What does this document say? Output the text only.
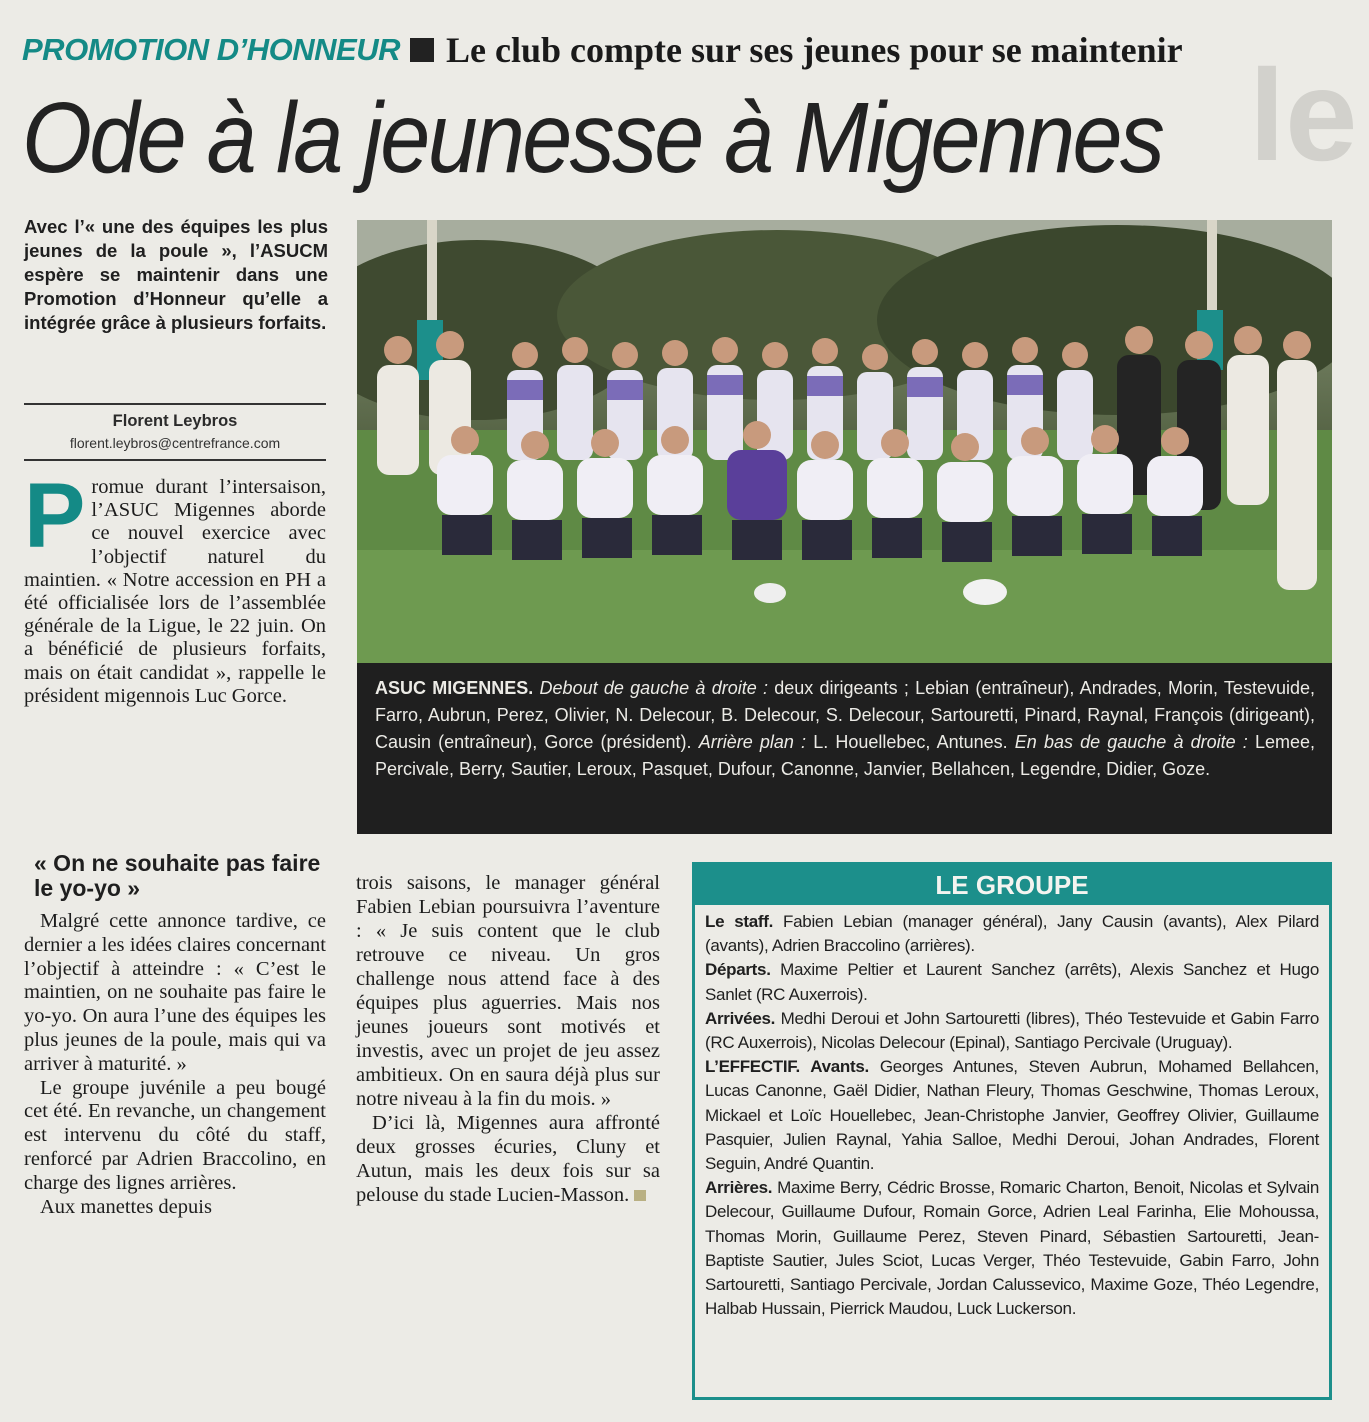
PROMOTION D’HONNEUR Le club compte sur ses jeunes pour se maintenir le
Ode à la jeunesse à Migennes
Avec l’« une des équipes les plus jeunes de la poule », l’ASUCM espère se maintenir dans une Promotion d’Honneur qu’elle a intégrée grâce à plusieurs forfaits.
Florent Leybros
florent.leybros@centrefrance.com

Promue durant l’intersaison, l’ASUC Migennes aborde ce nouvel exercice avec l’objectif naturel du maintien. « Notre accession en PH a été officialisée lors de l’assemblée générale de la Ligue, le 22 juin. On a bénéficié de plusieurs forfaits, mais on était candidat », rappelle le président migennois Luc Gorce.

« On ne souhaite pas faire le yo-yo »

Malgré cette annonce tardive, ce dernier a les idées claires concernant l’objectif à atteindre : « C’est le maintien, on ne souhaite pas faire le yo-yo. On aura l’une des équipes les plus jeunes de la poule, mais qui va arriver à maturité. »

Le groupe juvénile a peu bougé cet été. En revanche, un changement est intervenu du côté du staff, renforcé par Adrien Braccolino, en charge des lignes arrières.

Aux manettes depuis

trois saisons, le manager général Fabien Lebian poursuivra l’aventure : « Je suis content que le club retrouve ce niveau. Un gros challenge nous attend face à des équipes plus aguerries. Mais nos jeunes joueurs sont motivés et investis, avec un projet de jeu assez ambitieux. On en saura déjà plus sur notre niveau à la fin du mois. »

D’ici là, Migennes aura affronté deux grosses écuries, Cluny et Autun, mais les deux fois sur sa pelouse du stade Lucien-Masson.

ASUC MIGENNES. Debout de gauche à droite : deux dirigeants ; Lebian (entraîneur), Andrades, Morin, Testevuide, Farro, Aubrun, Perez, Olivier, N. Delecour, B. Delecour, S. Delecour, Sartouretti, Pinard, Raynal, François (dirigeant), Causin (entraîneur), Gorce (président). Arrière plan : L. Houellebec, Antunes. En bas de gauche à droite : Lemee, Percivale, Berry, Sautier, Leroux, Pasquet, Dufour, Canonne, Janvier, Bellahcen, Legendre, Didier, Goze.
LE GROUPE

Le staff. Fabien Lebian (manager général), Jany Causin (avants), Alex Pilard (avants), Adrien Braccolino (arrières).

Départs. Maxime Peltier et Laurent Sanchez (arrêts), Alexis Sanchez et Hugo Sanlet (RC Auxerrois).

Arrivées. Medhi Deroui et John Sartouretti (libres), Théo Testevuide et Gabin Farro (RC Auxerrois), Nicolas Delecour (Epinal), Santiago Percivale (Uruguay).

L’EFFECTIF. Avants. Georges Antunes, Steven Aubrun, Mohamed Bellahcen, Lucas Canonne, Gaël Didier, Nathan Fleury, Thomas Geschwine, Thomas Leroux, Mickael et Loïc Houellebec, Jean-Christophe Janvier, Geoffrey Olivier, Guillaume Pasquier, Julien Raynal, Yahia Salloe, Medhi Deroui, Johan Andrades, Florent Seguin, André Quantin.

Arrières. Maxime Berry, Cédric Brosse, Romaric Charton, Benoit, Nicolas et Sylvain Delecour, Guillaume Dufour, Romain Gorce, Adrien Leal Farinha, Elie Mohoussa, Thomas Morin, Guillaume Perez, Steven Pinard, Sébastien Sartouretti, Jean-Baptiste Sautier, Jules Sciot, Lucas Verger, Théo Testevuide, Gabin Farro, John Sartouretti, Santiago Percivale, Jordan Calussevico, Maxime Goze, Théo Legendre, Halbab Hussain, Pierrick Maudou, Luck Luckerson.
